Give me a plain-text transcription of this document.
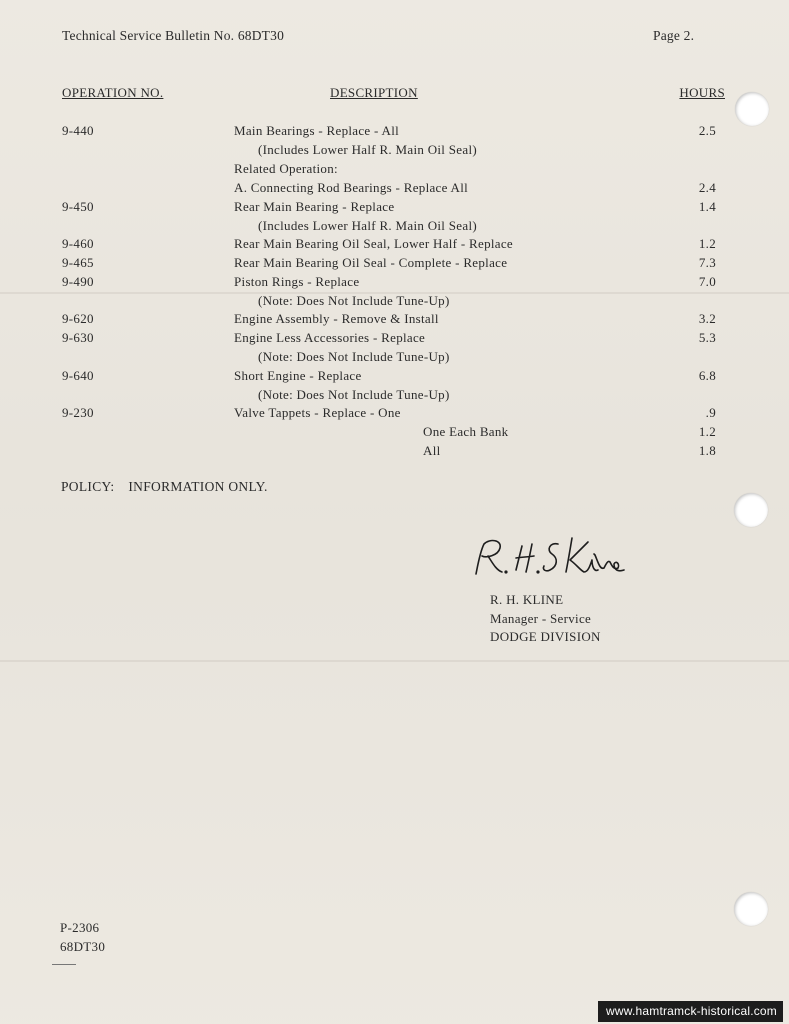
Technical Service Bulletin No. 68DT30	Page 2.
OPERATION NO.	DESCRIPTION	HOURS
9-440	Main Bearings - Replace - All	2.5
(Includes Lower Half R. Main Oil Seal)
Related Operation:
A. Connecting Rod Bearings - Replace All	2.4
9-450	Rear Main Bearing - Replace	1.4
(Includes Lower Half R. Main Oil Seal)
9-460	Rear Main Bearing Oil Seal, Lower Half - Replace	1.2
9-465	Rear Main Bearing Oil Seal - Complete - Replace	7.3
9-490	Piston Rings - Replace	7.0
(Note: Does Not Include Tune-Up)
9-620	Engine Assembly - Remove & Install	3.2
9-630	Engine Less Accessories - Replace	5.3
(Note: Does Not Include Tune-Up)
9-640	Short Engine - Replace	6.8
(Note: Does Not Include Tune-Up)
9-230	Valve Tappets - Replace - One	.9
One Each Bank	1.2
All	1.8
POLICY: INFORMATION ONLY.
R. H. KLINE
Manager - Service
DODGE DIVISION
P-2306
68DT30
www.hamtramck-historical.com
